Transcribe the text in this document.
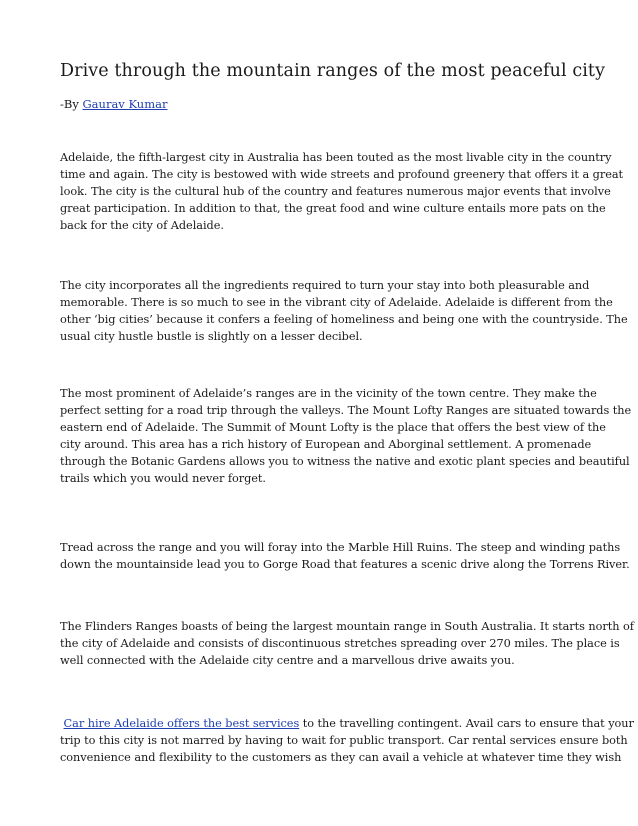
Drive through the mountain ranges of the most peaceful city
-By Gaurav Kumar
Adelaide, the fifth-largest city in Australia has been touted as the most livable city in the country
time and again. The city is bestowed with wide streets and profound greenery that offers it a great
look. The city is the cultural hub of the country and features numerous major events that involve
great participation. In addition to that, the great food and wine culture entails more pats on the
back for the city of Adelaide.
The city incorporates all the ingredients required to turn your stay into both pleasurable and
memorable. There is so much to see in the vibrant city of Adelaide. Adelaide is different from the
other ‘big cities’ because it confers a feeling of homeliness and being one with the countryside. The
usual city hustle bustle is slightly on a lesser decibel.
The most prominent of Adelaide’s ranges are in the vicinity of the town centre. They make the
perfect setting for a road trip through the valleys. The Mount Lofty Ranges are situated towards the
eastern end of Adelaide. The Summit of Mount Lofty is the place that offers the best view of the
city around. This area has a rich history of European and Aborginal settlement. A promenade
through the Botanic Gardens allows you to witness the native and exotic plant species and beautiful
trails which you would never forget.
Tread across the range and you will foray into the Marble Hill Ruins. The steep and winding paths
down the mountainside lead you to Gorge Road that features a scenic drive along the Torrens River.
The Flinders Ranges boasts of being the largest mountain range in South Australia. It starts north of
the city of Adelaide and consists of discontinuous stretches spreading over 270 miles. The place is
well connected with the Adelaide city centre and a marvellous drive awaits you.
Car hire Adelaide offers the best services to the travelling contingent. Avail cars to ensure that your
trip to this city is not marred by having to wait for public transport. Car rental services ensure both
convenience and flexibility to the customers as they can avail a vehicle at whatever time they wish
